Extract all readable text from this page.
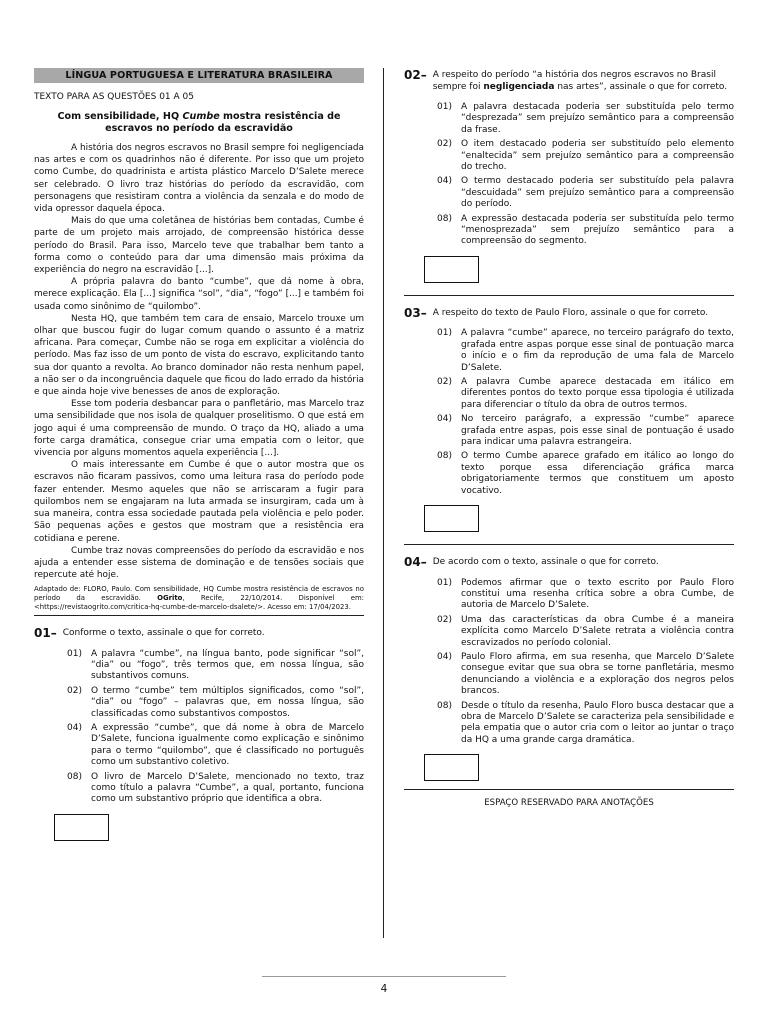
LÍNGUA PORTUGUESA E LITERATURA BRASILEIRA
TEXTO PARA AS QUESTÕES 01 A 05
Com sensibilidade, HQ Cumbe mostra resistência de escravos no período da escravidão

A história dos negros escravos no Brasil sempre foi negligenciada nas artes e com os quadrinhos não é diferente. Por isso que um projeto como Cumbe, do quadrinista e artista plástico Marcelo D’Salete merece ser celebrado. O livro traz histórias do período da escravidão, com personagens que resistiram contra a violência da senzala e do modo de vida opressor daquela época.

Mais do que uma coletânea de histórias bem contadas, Cumbe é parte de um projeto mais arrojado, de compreensão histórica desse período do Brasil. Para isso, Marcelo teve que trabalhar bem tanto a forma como o conteúdo para dar uma dimensão mais próxima da experiência do negro na escravidão [...].

A própria palavra do banto “cumbe”, que dá nome à obra, merece explicação. Ela [...] significa “sol”, “dia”, “fogo” [...] e também foi usada como sinônimo de “quilombo”.

Nesta HQ, que também tem cara de ensaio, Marcelo trouxe um olhar que buscou fugir do lugar comum quando o assunto é a matriz africana. Para começar, Cumbe não se roga em explicitar a violência do período. Mas faz isso de um ponto de vista do escravo, explicitando tanto sua dor quanto a revolta. Ao branco dominador não resta nenhum papel, a não ser o da incongruência daquele que ficou do lado errado da história e que ainda hoje vive benesses de anos de exploração.

Esse tom poderia desbancar para o panfletário, mas Marcelo traz uma sensibilidade que nos isola de qualquer proselitismo. O que está em jogo aqui é uma compreensão de mundo. O traço da HQ, aliado a uma forte carga dramática, consegue criar uma empatia com o leitor, que vivencia por alguns momentos aquela experiência [...].

O mais interessante em Cumbe é que o autor mostra que os escravos não ficaram passivos, como uma leitura rasa do período pode fazer entender. Mesmo aqueles que não se arriscaram a fugir para quilombos nem se engajaram na luta armada se insurgiram, cada um à sua maneira, contra essa sociedade pautada pela violência e pelo poder. São pequenas ações e gestos que mostram que a resistência era cotidiana e perene.

Cumbe traz novas compreensões do período da escravidão e nos ajuda a entender esse sistema de dominação e de tensões sociais que repercute até hoje.

Adaptado de: FLORO, Paulo. Com sensibilidade, HQ Cumbe mostra resistência de escravos no período da escravidão. OGrito, Recife, 22/10/2014. Disponível em: <https://revistaogrito.com/critica-hq-cumbe-de-marcelo-dsalete/>. Acesso em: 17/04/2023.
01– Conforme o texto, assinale o que for correto.
01)	A palavra “cumbe”, na língua banto, pode significar “sol”, “dia” ou “fogo”, três termos que, em nossa língua, são substantivos comuns.
02)	O termo “cumbe” tem múltiplos significados, como “sol”, “dia” ou “fogo” – palavras que, em nossa língua, são classificadas como substantivos compostos.
04)	A expressão “cumbe”, que dá nome à obra de Marcelo D’Salete, funciona igualmente como explicação e sinônimo para o termo “quilombo”, que é classificado no português como um substantivo coletivo.
08)	O livro de Marcelo D’Salete, mencionado no texto, traz como título a palavra “Cumbe”, a qual, portanto, funciona como um substantivo próprio que identifica a obra.
02– A respeito do período “a história dos negros escravos no Brasil sempre foi negligenciada nas artes”, assinale o que for correto.
01)	A palavra destacada poderia ser substituída pelo termo “desprezada” sem prejuízo semântico para a compreensão da frase.
02)	O item destacado poderia ser substituído pelo elemento “enaltecida” sem prejuízo semântico para a compreensão do trecho.
04)	O termo destacado poderia ser substituído pela palavra “descuidada” sem prejuízo semântico para a compreensão do período.
08)	A expressão destacada poderia ser substituída pelo termo “menosprezada” sem prejuízo semântico para a compreensão do segmento.
03– A respeito do texto de Paulo Floro, assinale o que for correto.
01)	A palavra “cumbe” aparece, no terceiro parágrafo do texto, grafada entre aspas porque esse sinal de pontuação marca o início e o fim da reprodução de uma fala de Marcelo D’Salete.
02)	A palavra Cumbe aparece destacada em itálico em diferentes pontos do texto porque essa tipologia é utilizada para diferenciar o título da obra de outros termos.
04)	No terceiro parágrafo, a expressão “cumbe” aparece grafada entre aspas, pois esse sinal de pontuação é usado para indicar uma palavra estrangeira.
08)	O termo Cumbe aparece grafado em itálico ao longo do texto porque essa diferenciação gráfica marca obrigatoriamente termos que constituem um aposto vocativo.
04– De acordo com o texto, assinale o que for correto.
01)	Podemos afirmar que o texto escrito por Paulo Floro constitui uma resenha crítica sobre a obra Cumbe, de autoria de Marcelo D’Salete.
02)	Uma das características da obra Cumbe é a maneira explícita como Marcelo D’Salete retrata a violência contra escravizados no período colonial.
04)	Paulo Floro afirma, em sua resenha, que Marcelo D’Salete consegue evitar que sua obra se torne panfletária, mesmo denunciando a violência e a exploração dos negros pelos brancos.
08)	Desde o título da resenha, Paulo Floro busca destacar que a obra de Marcelo D’Salete se caracteriza pela sensibilidade e pela empatia que o autor cria com o leitor ao juntar o traço da HQ a uma grande carga dramática.
ESPAÇO RESERVADO PARA ANOTAÇÕES
4
